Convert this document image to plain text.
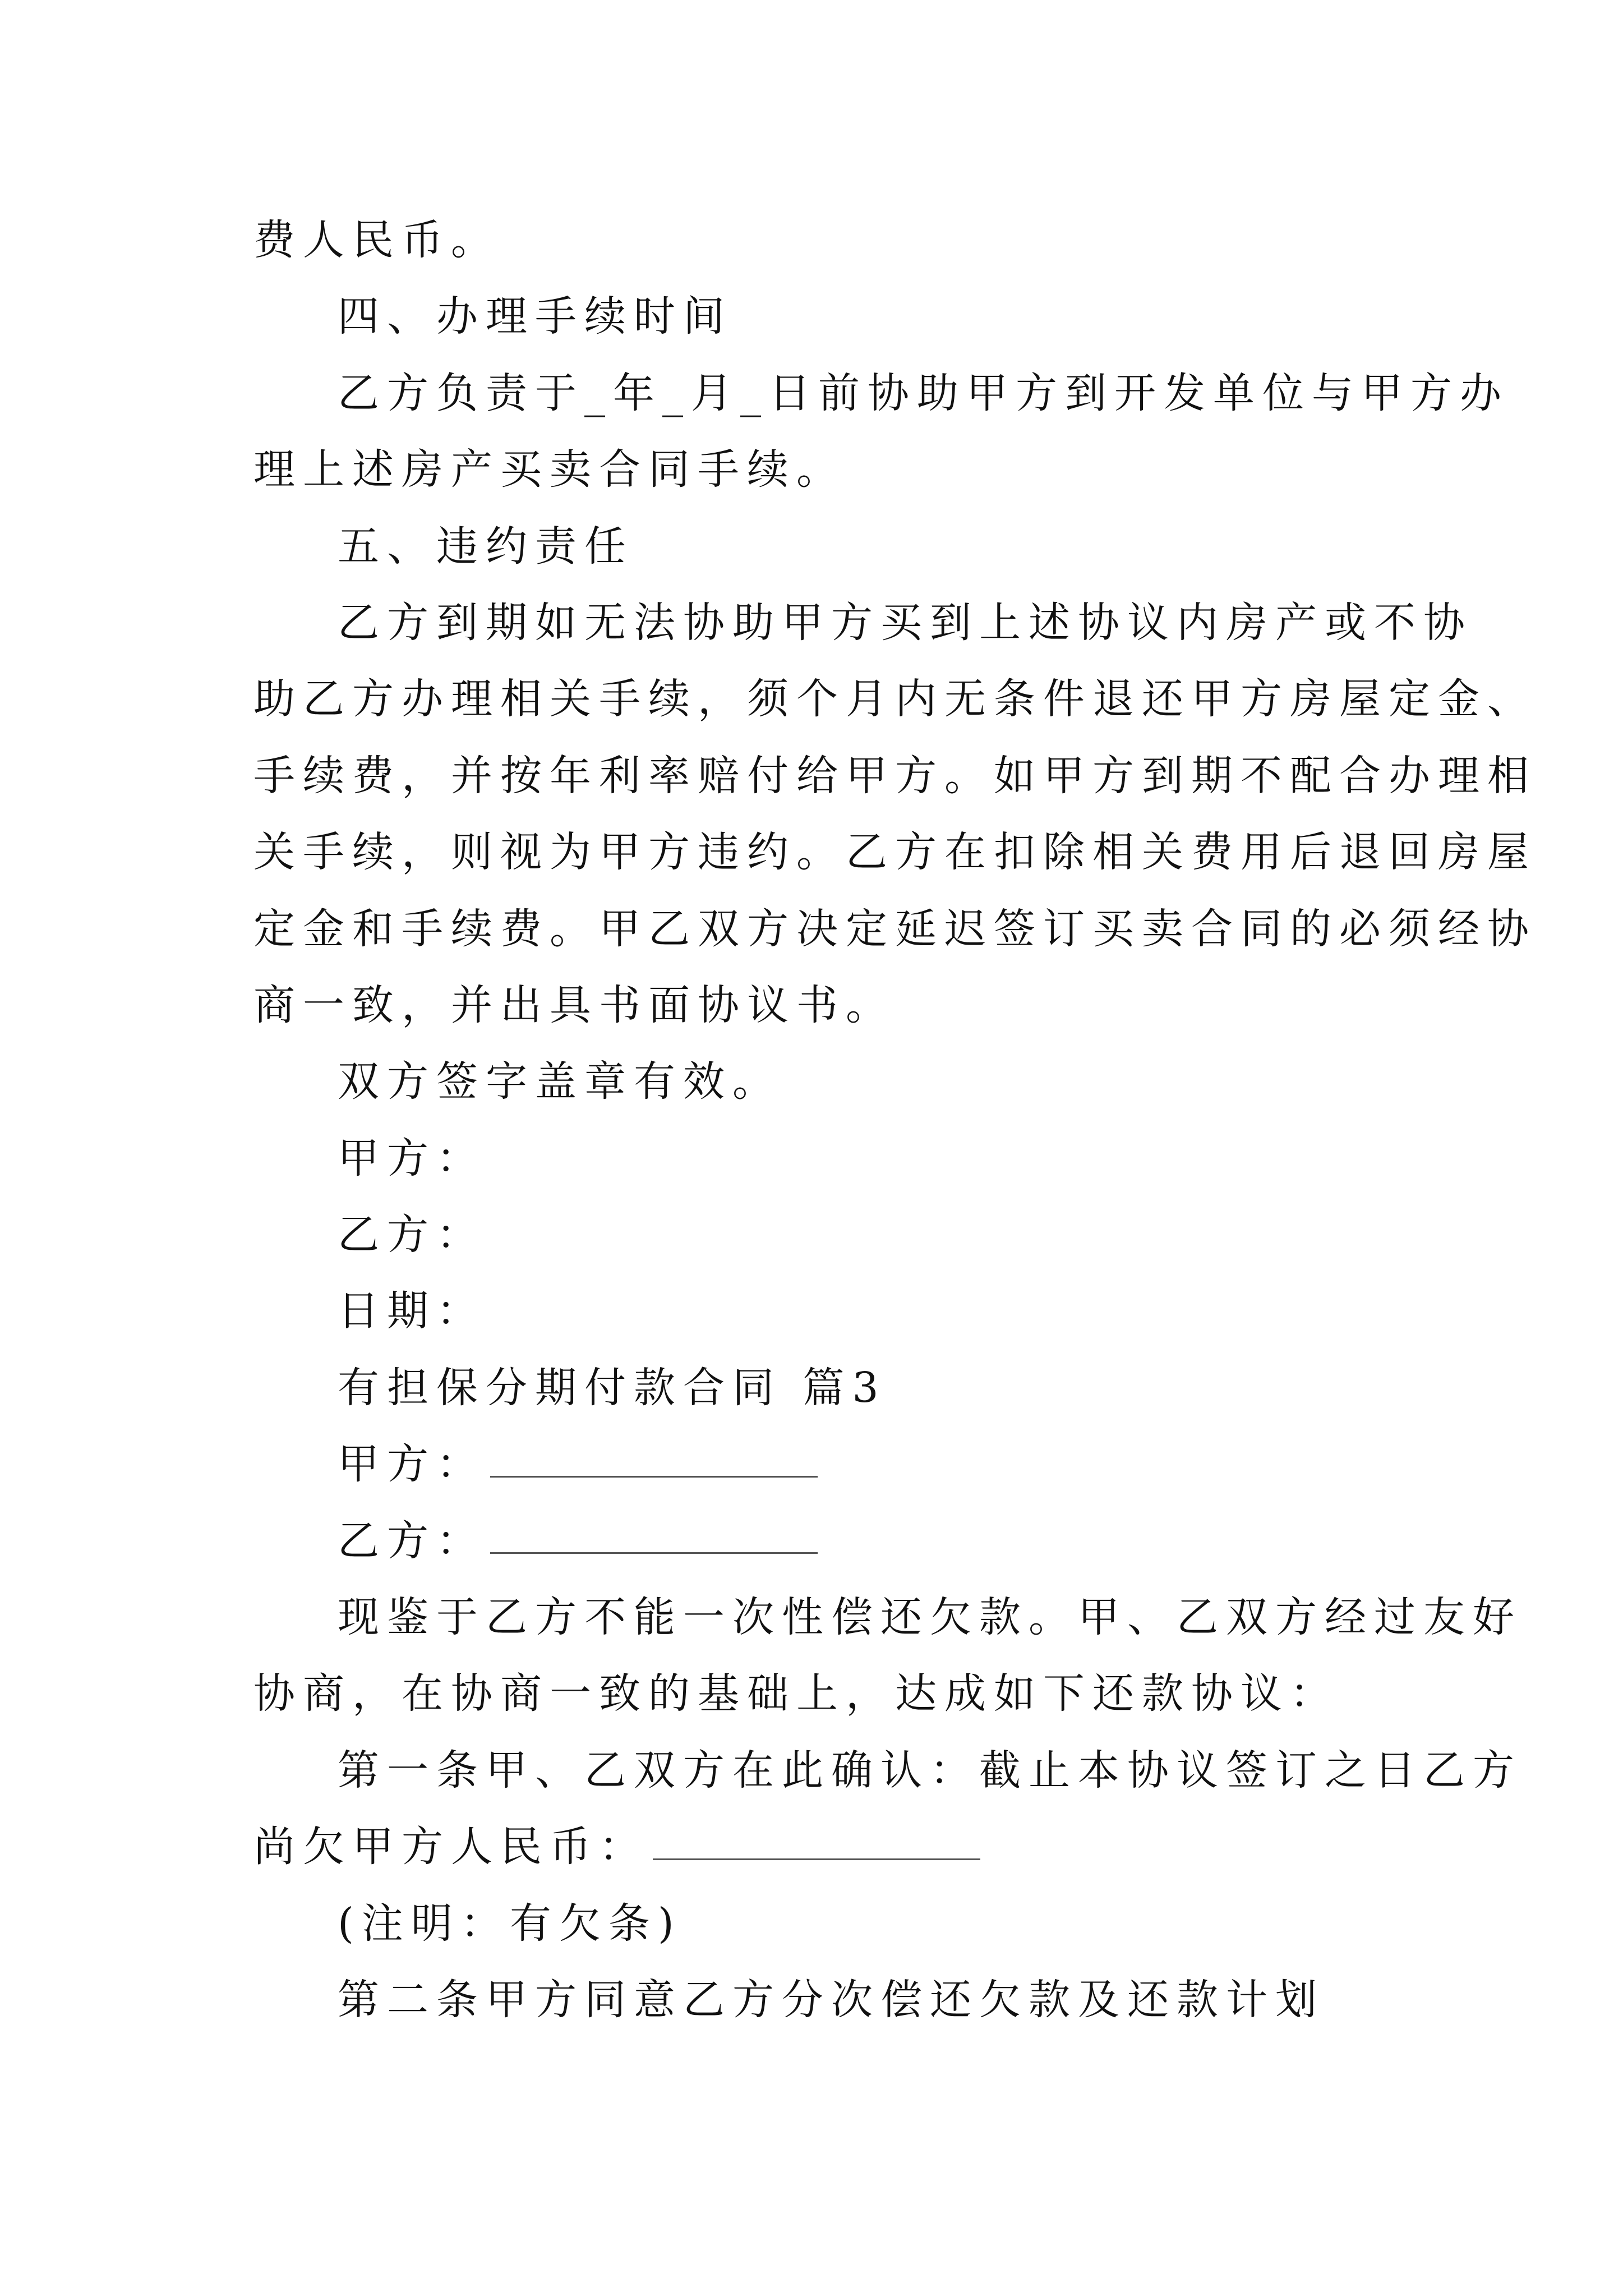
费人民币。
四、办理手续时间
乙方负责于_年_月_日前协助甲方到开发单位与甲方办
理上述房产买卖合同手续。
五、违约责任
乙方到期如无法协助甲方买到上述协议内房产或不协
助乙方办理相关手续，须个月内无条件退还甲方房屋定金、
手续费，并按年利率赔付给甲方。如甲方到期不配合办理相
关手续，则视为甲方违约。乙方在扣除相关费用后退回房屋
定金和手续费。甲乙双方决定延迟签订买卖合同的必须经协
商一致，并出具书面协议书。
双方签字盖章有效。
甲方：
乙方：
日期：
有担保分期付款合同 篇3
甲方：
乙方：
现鉴于乙方不能一次性偿还欠款。甲、乙双方经过友好
协商，在协商一致的基础上，达成如下还款协议：
第一条甲、乙双方在此确认：截止本协议签订之日乙方
尚欠甲方人民币：
(注明：有欠条)
第二条甲方同意乙方分次偿还欠款及还款计划
